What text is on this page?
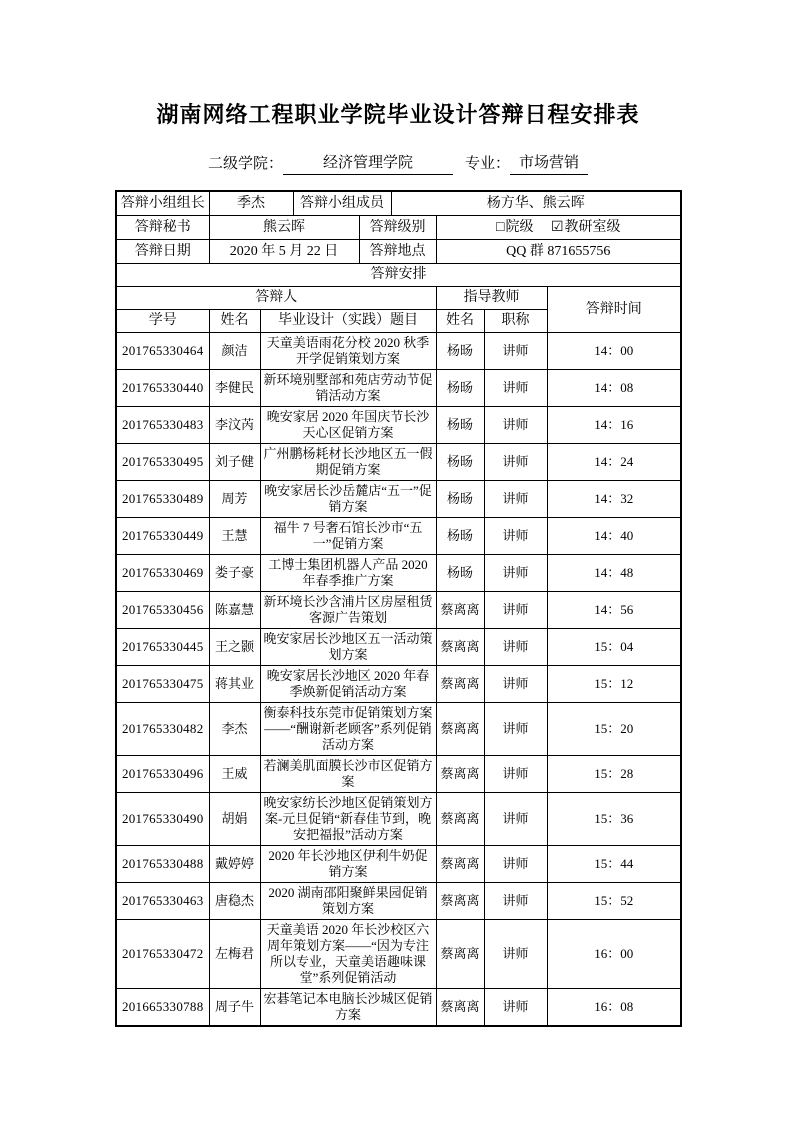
湖南网络工程职业学院毕业设计答辩日程安排表
二级学院：	经济管理学院	专业： 市场营销
答辩小组组长	季杰		答辩小组成员		杨方华、熊云晖			
答辩秘书	熊云晖			答辩级别		□院级 ☑教研室级		
答辩日期	2020 年 5 月 22 日			答辩地点		QQ 群 871655756		
答辩安排								
答辩人						指导教师		答辩时间
学号	姓名	毕业设计（实践）题目				姓名	职称	
201765330464	颜洁	天童美语雨花分校 2020 秋季开学促销策划方案				杨旸	讲师	14：00
201765330440	李健民	新环境别墅部和苑店劳动节促销活动方案				杨旸	讲师	14：08
201765330483	李汶芮	晚安家居 2020 年国庆节长沙天心区促销方案				杨旸	讲师	14：16
201765330495	刘子健	广州鹏杨耗材长沙地区五一假期促销方案				杨旸	讲师	14：24
201765330489	周芳	晚安家居长沙岳麓店“五一”促销方案				杨旸	讲师	14：32
201765330449	王慧	福牛 7 号奢石馆长沙市“五一”促销方案				杨旸	讲师	14：40
201765330469	娄子豪	工博士集团机器人产品 2020 年春季推广方案				杨旸	讲师	14：48
201765330456	陈嘉慧	新环境长沙含浦片区房屋租赁客源广告策划				蔡离离	讲师	14：56
201765330445	王之颢	晚安家居长沙地区五一活动策划方案				蔡离离	讲师	15：04
201765330475	蒋其业	晚安家居长沙地区 2020 年春季焕新促销活动方案				蔡离离	讲师	15：12
201765330482	李杰	衡泰科技东莞市促销策划方案——“酬谢新老顾客”系列促销活动方案				蔡离离	讲师	15：20
201765330496	王威	若澜美肌面膜长沙市区促销方案				蔡离离	讲师	15：28
201765330490	胡娟	晚安家纺长沙地区促销策划方案-元旦促销“新春佳节到，晚安把福报”活动方案				蔡离离	讲师	15：36
201765330488	戴婷婷	2020 年长沙地区伊利牛奶促销方案				蔡离离	讲师	15：44
201765330463	唐稳杰	2020 湖南邵阳聚鲜果园促销策划方案				蔡离离	讲师	15：52
201765330472	左梅君	天童美语 2020 年长沙校区六周年策划方案——“因为专注所以专业，天童美语趣味课堂”系列促销活动				蔡离离	讲师	16：00
201665330788	周子牛	宏碁笔记本电脑长沙城区促销方案				蔡离离	讲师	16：08
